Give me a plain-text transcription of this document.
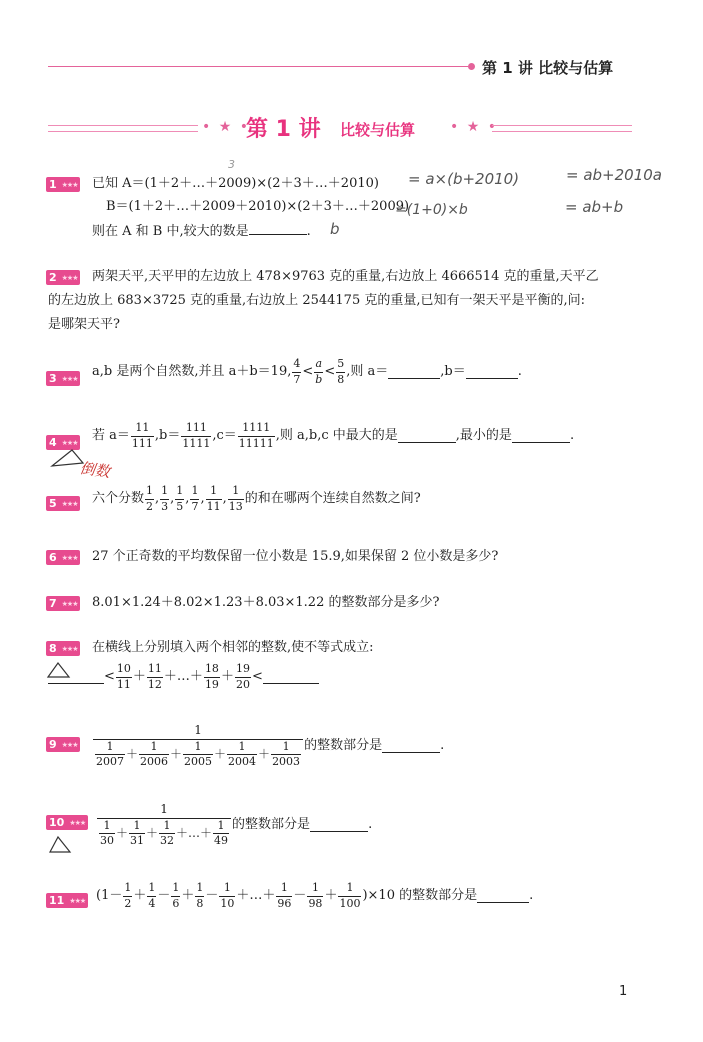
第 1 讲 比较与估算
• ★ •
第 1 讲 比较与估算 • ★ •
1 ★★★ 已知 A＝(1＋2＋…＋2009)×(2＋3＋…＋2010)
B＝(1＋2＋…＋2009＋2010)×(2＋3＋…＋2009)
则在 A 和 B 中,较大的数是	.
2 ★★★ 两架天平,天平甲的左边放上 478×9763 克的重量,右边放上 4666514 克的重量,天平乙
的左边放上 683×3725 克的重量,右边放上 2544175 克的重量,已知有一架天平是平衡的,问:
是哪架天平?
3 ★★★ a,b 是两个自然数,并且 a＋b＝19, $\frac{4}{7} < \frac{a}{b} < \frac{5}{8}$ ,则 a＝	,b＝	.
4 ★★★ 若 $a= \frac{11}{111} ,b= \frac{111}{1111} ,c= \frac{1111}{11111}$ ,则 a,b,c 中最大的是	,最小的是	.
5 ★★★ 六个分数 $\frac{1}{2}$ , $\frac{1}{3}$ , $\frac{1}{5}$ , $\frac{1}{7}$ , $\frac{1}{11}$ , $\frac{1}{13}$ 的和在哪两个连续自然数之间?
6 ★★★ 27 个正奇数的平均数保留一位小数是 15.9,如果保留 2 位小数是多少?
7 ★★★ 8.01×1.24＋8.02×1.23＋8.03×1.22 的整数部分是多少?
8 ★★★ 在横线上分别填入两个相邻的整数,使不等式成立:
< $\frac{10}{11} + \frac{11}{12}$ ＋…＋ $\frac{18}{19} + \frac{19}{20}$ <
9 ★★★ $\frac{1}{\frac{1}{2007} + \frac{1}{2006} + \frac{1}{2005} + \frac{1}{2004} + \frac{1}{2003}}$ 的整数部分是	.
10 ★★★ $\frac{1}{\frac{1}{30} + \frac{1}{31} + \frac{1}{32} +\dots+ \frac{1}{49}}$ 的整数部分是	.
11 ★★★ ($1- \frac{1}{2} + \frac{1}{4} - \frac{1}{6} + \frac{1}{8} - \frac{1}{10}$ ＋…＋ $\frac{1}{96} - \frac{1}{98} + \frac{1}{100} )\times 10$ 的整数部分是	.
= a×(b+2010)	= ab+2010a
=(1+0)×b	= ab+b
b
3
倒数
1
